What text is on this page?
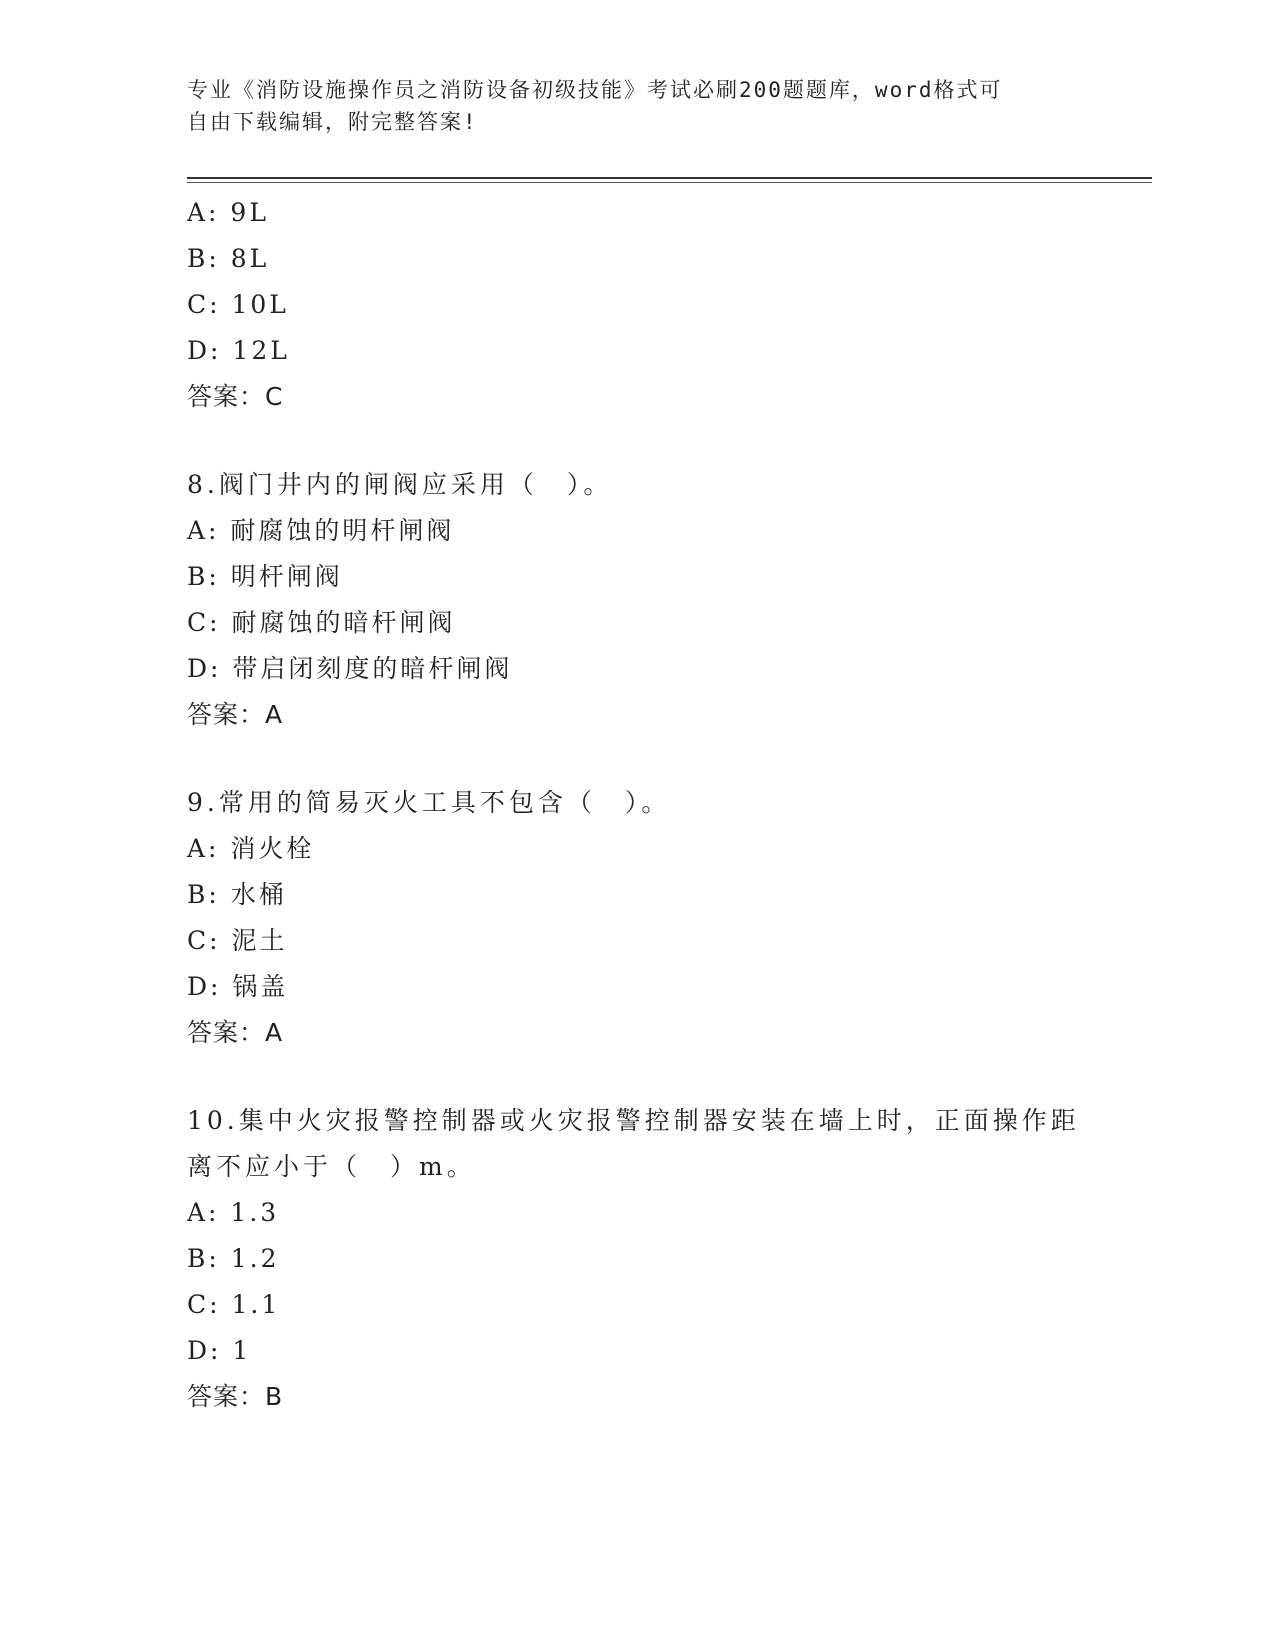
专业《消防设施操作员之消防设备初级技能》考试必刷200题题库，word格式可
自由下载编辑，附完整答案!
A: 9L
B: 8L
C: 10L
D: 12L
答案：C
8.阀门井内的闸阀应采用（　）。
A: 耐腐蚀的明杆闸阀
B: 明杆闸阀
C: 耐腐蚀的暗杆闸阀
D: 带启闭刻度的暗杆闸阀
答案：A
9.常用的简易灭火工具不包含（　）。
A: 消火栓
B: 水桶
C: 泥土
D: 锅盖
答案：A
10.集中火灾报警控制器或火灾报警控制器安装在墙上时，正面操作距
离不应小于（　）m。
A: 1.3
B: 1.2
C: 1.1
D: 1
答案：B
